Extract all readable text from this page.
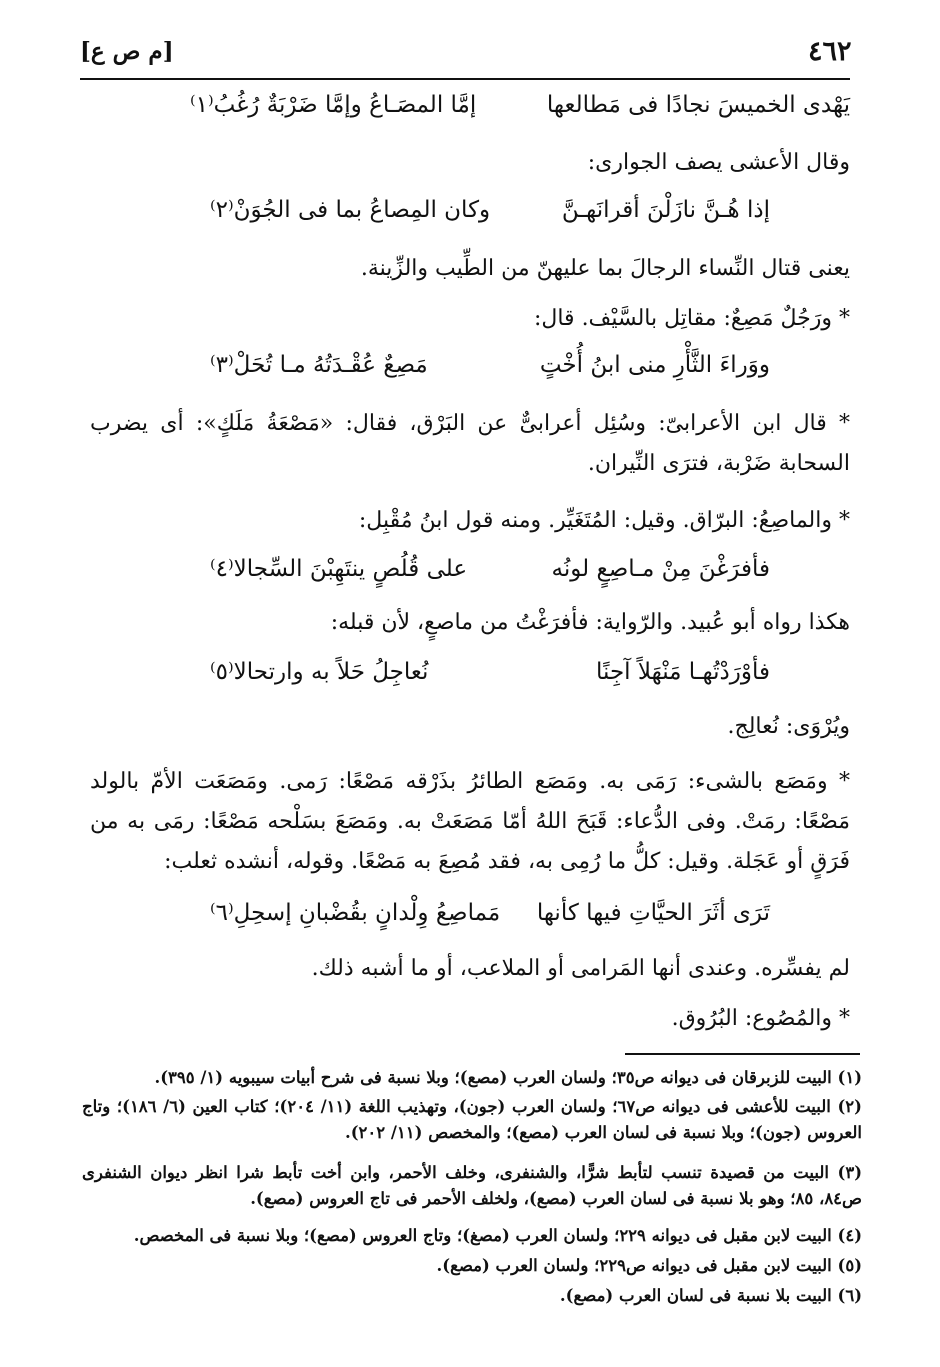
٤٦٢
[م ص ع]
يَهْدى الخميسَ نجادًا فى مَطالعها
إمَّا المصَـاعُ وإمَّا ضَرْبَةٌ رُغُبُ⁽١⁾
وقال الأعشى يصف الجوارى:
إذا هُـنَّ نازَلْنَ أقرانَهـنَّ
وكان المِصاعُ بما فى الجُوَنْ⁽٢⁾
يعنى قتال النِّساء الرجالَ بما عليهنّ من الطِّيب والزِّينة.
* ورَجُلٌ مَصِعٌ: مقاتِل بالسَّيْف. قال:
ووَراءَ الثَّأْرِ منى ابنُ أُخْتٍ
مَصِعٌ عُقْـدَتُهُ مـا تُحَلْ⁽٣⁾
* قال ابن الأعرابىّ: وسُئِل أعرابىٌّ عن البَرْق، فقال: «مَصْعَةُ مَلَكٍ»: أى يضرب السحابة ضَرْبة، فترَى النِّيران.
* والماصِعُ: البرّاق. وقيل: المُتَغَيِّر. ومنه قول ابنُ مُقْبِل:
فأفرَغْنَ مِنْ مـاصِعٍ لونُه
على قُلُصٍ ينتَهِبْنَ السِّجالا⁽٤⁾
هكذا رواه أبو عُبيد. والرّواية: فأفرَغْتُ من ماصعٍ، لأن قبله:
فأوْرَدْتُهـا مَنْهَلاً آجِنًا
نُعاجِلُ حَلاً به وارتحالا⁽٥⁾
ويُرْوَى: نُعالِج.
* ومَصَع بالشىء: رَمَى به. ومَصَع الطائرُ بذَرْقه مَصْعًا: رَمى. ومَصَعَت الأمّ بالولد مَصْعًا: رمَتْ. وفى الدُّعاء: قَبَحَ اللهُ أمّا مَصَعَتْ به. ومَصَعَ بسَلْحه مَصْعًا: رمَى به من فَرَقٍ أو عَجَلة. وقيل: كلُّ ما رُمِى به، فقد مُصِعَ به مَصْعًا. وقوله، أنشده ثعلب:
تَرَى أثَرَ الحيَّاتِ فيها كأنها
مَماصِعُ وِلْدانٍ بقُضْبانِ إسحِلِ⁽٦⁾
لم يفسِّره. وعندى أنها المَرامى أو الملاعب، أو ما أشبه ذلك.
* والمُصُوع: البُرُوق.
(١) البيت للزبرقان فى ديوانه ص٣٥؛ ولسان العرب (مصع)؛ وبلا نسبة فى شرح أبيات سيبويه (١/ ٣٩٥).
(٢) البيت للأعشى فى ديوانه ص٦٧؛ ولسان العرب (جون)، وتهذيب اللغة (١١/ ٢٠٤)؛ كتاب العين (٦/ ١٨٦)؛ وتاج العروس (جون)؛ وبلا نسبة فى لسان العرب (مصع)؛ والمخصص (١١/ ٢٠٢).
(٣) البيت من قصيدة تنسب لتأبط شرًّا، والشنفرى، وخلف الأحمر، وابن أخت تأبط شرا انظر ديوان الشنفرى ص٨٤، ٨٥؛ وهو بلا نسبة فى لسان العرب (مصع)، ولخلف الأحمر فى تاج العروس (مصع).
(٤) البيت لابن مقبل فى ديوانه ٢٢٩؛ ولسان العرب (مصغ)؛ وتاج العروس (مصع)؛ وبلا نسبة فى المخصص.
(٥) البيت لابن مقبل فى ديوانه ص٢٢٩؛ ولسان العرب (مصع).
(٦) البيت بلا نسبة فى لسان العرب (مصع).
